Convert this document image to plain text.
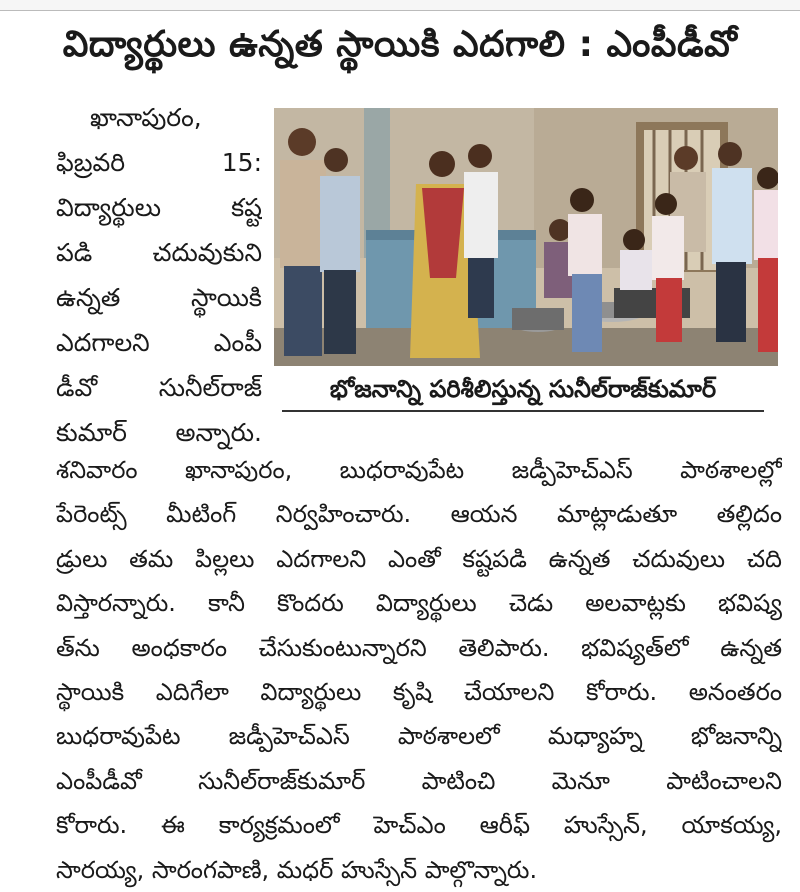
విద్యార్థులు ఉన్నత స్థాయికి ఎదగాలి : ఎంపీడీవో
ఖానాపురం,
ఫిబ్రవరి 15:
విద్యార్థులు కష్ట
పడి చదువుకుని
ఉన్నత స్థాయికి
ఎదగాలని ఎంపీ
డీవో సునీల్‌రాజ్
కుమార్ అన్నారు.
భోజనాన్ని పరిశీలిస్తున్న సునీల్‌రాజ్‌కుమార్
శనివారం ఖానాపురం, బుధరావుపేట జడ్పీహెచ్‌ఎస్ పాఠశాలల్లో
పేరెంట్స్ మీటింగ్ నిర్వహించారు. ఆయన మాట్లాడుతూ తల్లిదం
డ్రులు తమ పిల్లలు ఎదగాలని ఎంతో కష్టపడి ఉన్నత చదువులు చది
విస్తారన్నారు. కానీ కొందరు విద్యార్థులు చెడు అలవాట్లకు భవిష్య
త్‌ను అంధకారం చేసుకుంటున్నారని తెలిపారు. భవిష్యత్‌లో ఉన్నత
స్థాయికి ఎదిగేలా విద్యార్థులు కృషి చేయాలని కోరారు. అనంతరం
బుధరావుపేట జడ్పీహెచ్‌ఎస్ పాఠశాలలో మధ్యాహ్న భోజనాన్ని
ఎంపీడీవో సునీల్‌రాజ్‌కుమార్ పాటించి మెనూ పాటించాలని
కోరారు. ఈ కార్యక్రమంలో హెచ్‌ఎం ఆరీఫ్ హుస్సేన్, యాకయ్య,
సారయ్య, సారంగపాణి, మధర్ హుస్సేన్ పాల్గొన్నారు.
